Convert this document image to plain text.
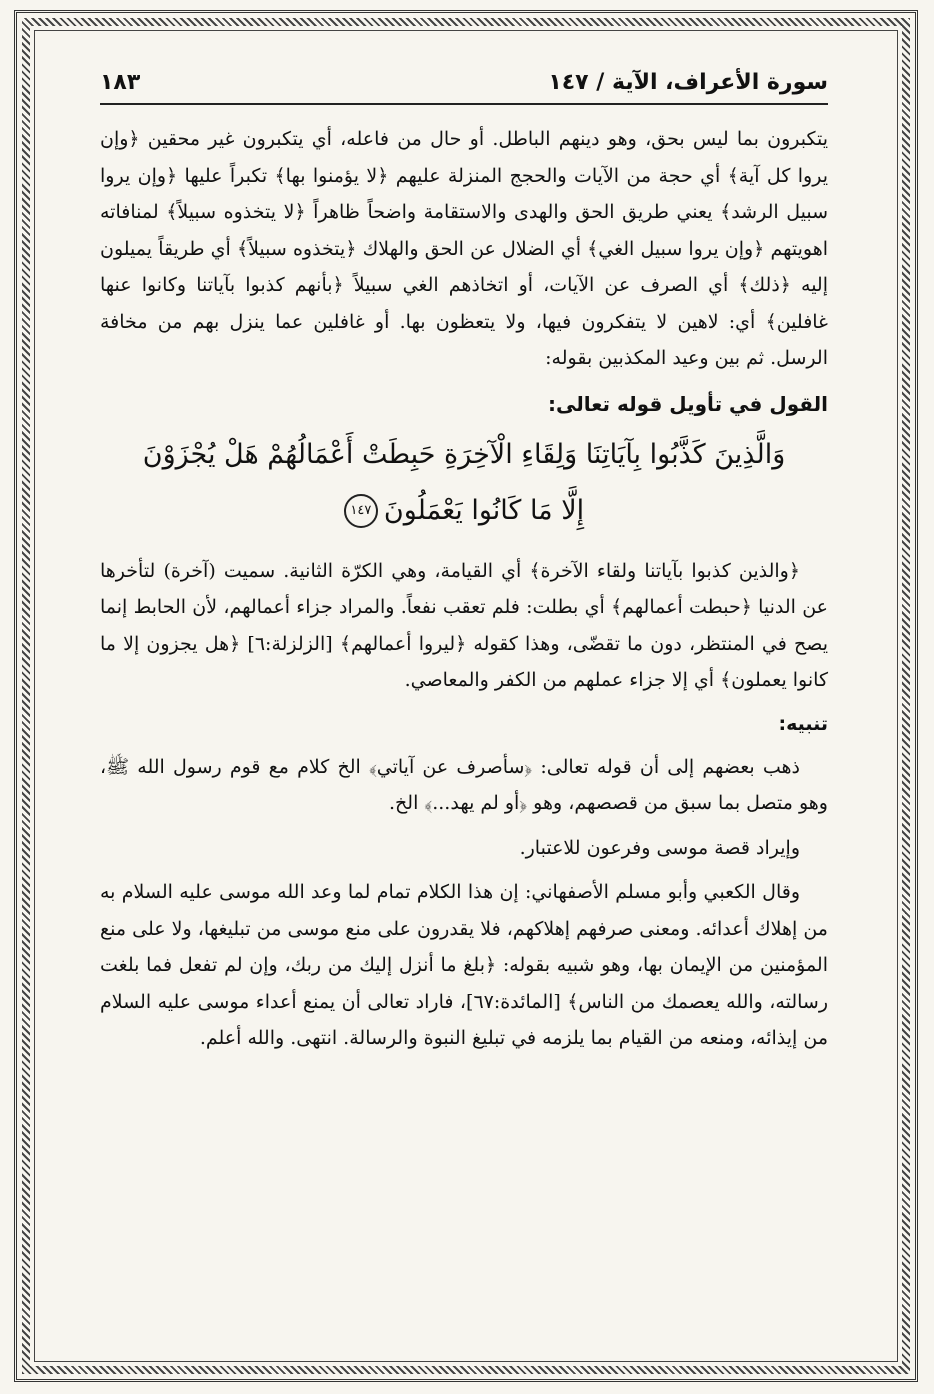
سورة الأعراف، الآية / ١٤٧
١٨٣

يتكبرون بما ليس بحق، وهو دينهم الباطل. أو حال من فاعله، أي يتكبرون غير محقين ﴿وإن يروا كل آية﴾ أي حجة من الآيات والحجج المنزلة عليهم ﴿لا يؤمنوا بها﴾ تكبراً عليها ﴿وإن يروا سبيل الرشد﴾ يعني طريق الحق والهدى والاستقامة واضحاً ظاهراً ﴿لا يتخذوه سبيلاً﴾ لمنافاته اهويتهم ﴿وإن يروا سبيل الغي﴾ أي الضلال عن الحق والهلاك ﴿يتخذوه سبيلاً﴾ أي طريقاً يميلون إليه ﴿ذلك﴾ أي الصرف عن الآيات، أو اتخاذهم الغي سبيلاً ﴿بأنهم كذبوا بآياتنا وكانوا عنها غافلين﴾ أي: لاهين لا يتفكرون فيها، ولا يتعظون بها. أو غافلين عما ينزل بهم من مخافة الرسل. ثم بين وعيد المكذبين بقوله:

القول في تأويل قوله تعالى:

وَالَّذِينَ كَذَّبُوا بِآيَاتِنَا وَلِقَاءِ الْآخِرَةِ حَبِطَتْ أَعْمَالُهُمْ هَلْ يُجْزَوْنَ

إِلَّا مَا كَانُوا يَعْمَلُونَ١٤٧

﴿والذين كذبوا بآياتنا ولقاء الآخرة﴾ أي القيامة، وهي الكرّة الثانية. سميت (آخرة) لتأخرها عن الدنيا ﴿حبطت أعمالهم﴾ أي بطلت: فلم تعقب نفعاً. والمراد جزاء أعمالهم، لأن الحابط إنما يصح في المنتظر، دون ما تقضّى، وهذا كقوله ﴿ليروا أعمالهم﴾ [الزلزلة:٦] ﴿هل يجزون إلا ما كانوا يعملون﴾ أي إلا جزاء عملهم من الكفر والمعاصي.

تنبيه:

ذهب بعضهم إلى أن قوله تعالى: ﴿سأصرف عن آياتي﴾ الخ كلام مع قوم رسول الله ﷺ، وهو متصل بما سبق من قصصهم، وهو ﴿أو لم يهد...﴾ الخ.

وإيراد قصة موسى وفرعون للاعتبار.

وقال الكعبي وأبو مسلم الأصفهاني: إن هذا الكلام تمام لما وعد الله موسى عليه السلام به من إهلاك أعدائه. ومعنى صرفهم إهلاكهم، فلا يقدرون على منع موسى من تبليغها، ولا على منع المؤمنين من الإيمان بها، وهو شبيه بقوله: ﴿بلغ ما أنزل إليك من ربك، وإن لم تفعل فما بلغت رسالته، والله يعصمك من الناس﴾ [المائدة:٦٧]، فاراد تعالى أن يمنع أعداء موسى عليه السلام من إيذائه، ومنعه من القيام بما يلزمه في تبليغ النبوة والرسالة. انتهى. والله أعلم.
